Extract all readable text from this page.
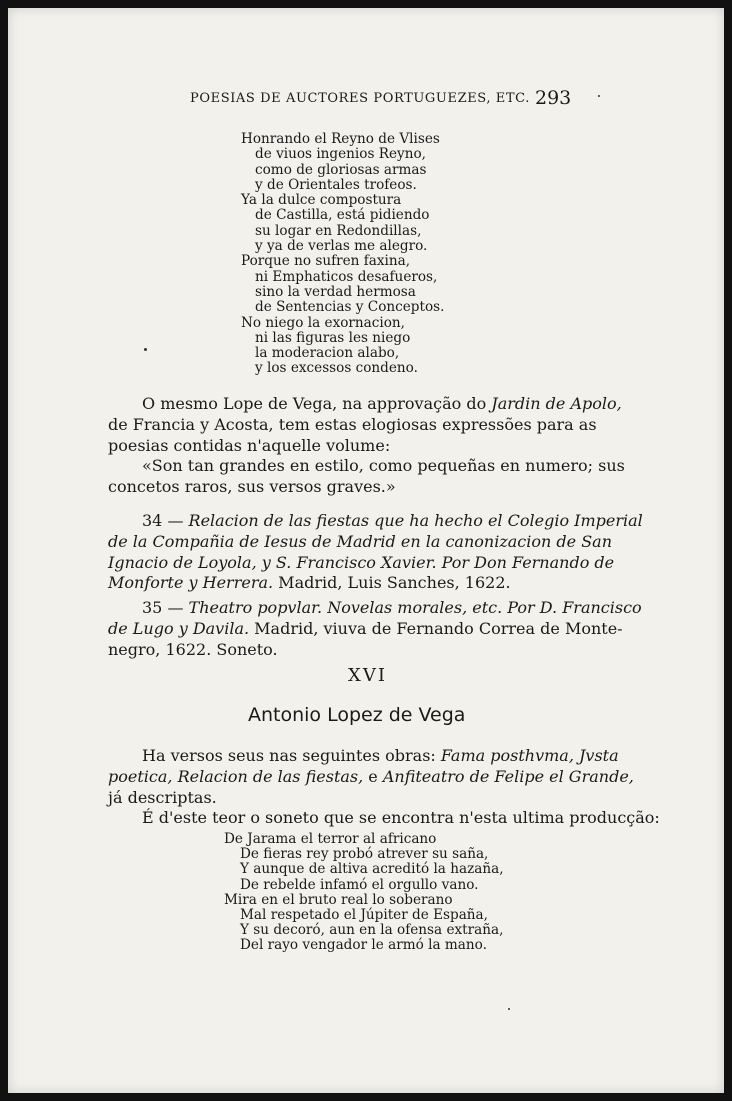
POESIAS DE AUCTORES PORTUGUEZES, ETC. 293
Honrando el Reyno de Vlises
de viuos ingenios Reyno,
como de gloriosas armas
y de Orientales trofeos.
Ya la dulce compostura
de Castilla, está pidiendo
su logar en Redondillas,
y ya de verlas me alegro.
Porque no sufren faxina,
ni Emphaticos desafueros,
sino la verdad hermosa
de Sentencias y Conceptos.
No niego la exornacion,
ni las figuras les niego
la moderacion alabo,
y los excessos condeno.
O mesmo Lope de Vega, na approvação do Jardin de Apolo,
de Francia y Acosta, tem estas elogiosas expressões para as
poesias contidas n'aquelle volume:
«Son tan grandes en estilo, como pequeñas en numero; sus
concetos raros, sus versos graves.»
34 — Relacion de las fiestas que ha hecho el Colegio Imperial
de la Compañia de Iesus de Madrid en la canonizacion de San
Ignacio de Loyola, y S. Francisco Xavier. Por Don Fernando de
Monforte y Herrera. Madrid, Luis Sanches, 1622.
35 — Theatro popvlar. Novelas morales, etc. Por D. Francisco
de Lugo y Davila. Madrid, viuva de Fernando Correa de Monte-
negro, 1622. Soneto.
XVI
Antonio Lopez de Vega
Ha versos seus nas seguintes obras: Fama posthvma, Jvsta
poetica, Relacion de las fiestas, e Anfiteatro de Felipe el Grande,
já descriptas.
É d'este teor o soneto que se encontra n'esta ultima producção:
De Jarama el terror al africano
De fieras rey probó atrever su saña,
Y aunque de altiva acreditó la hazaña,
De rebelde infamó el orgullo vano.
Mira en el bruto real lo soberano
Mal respetado el Júpiter de España,
Y su decoró, aun en la ofensa extraña,
Del rayo vengador le armó la mano.
